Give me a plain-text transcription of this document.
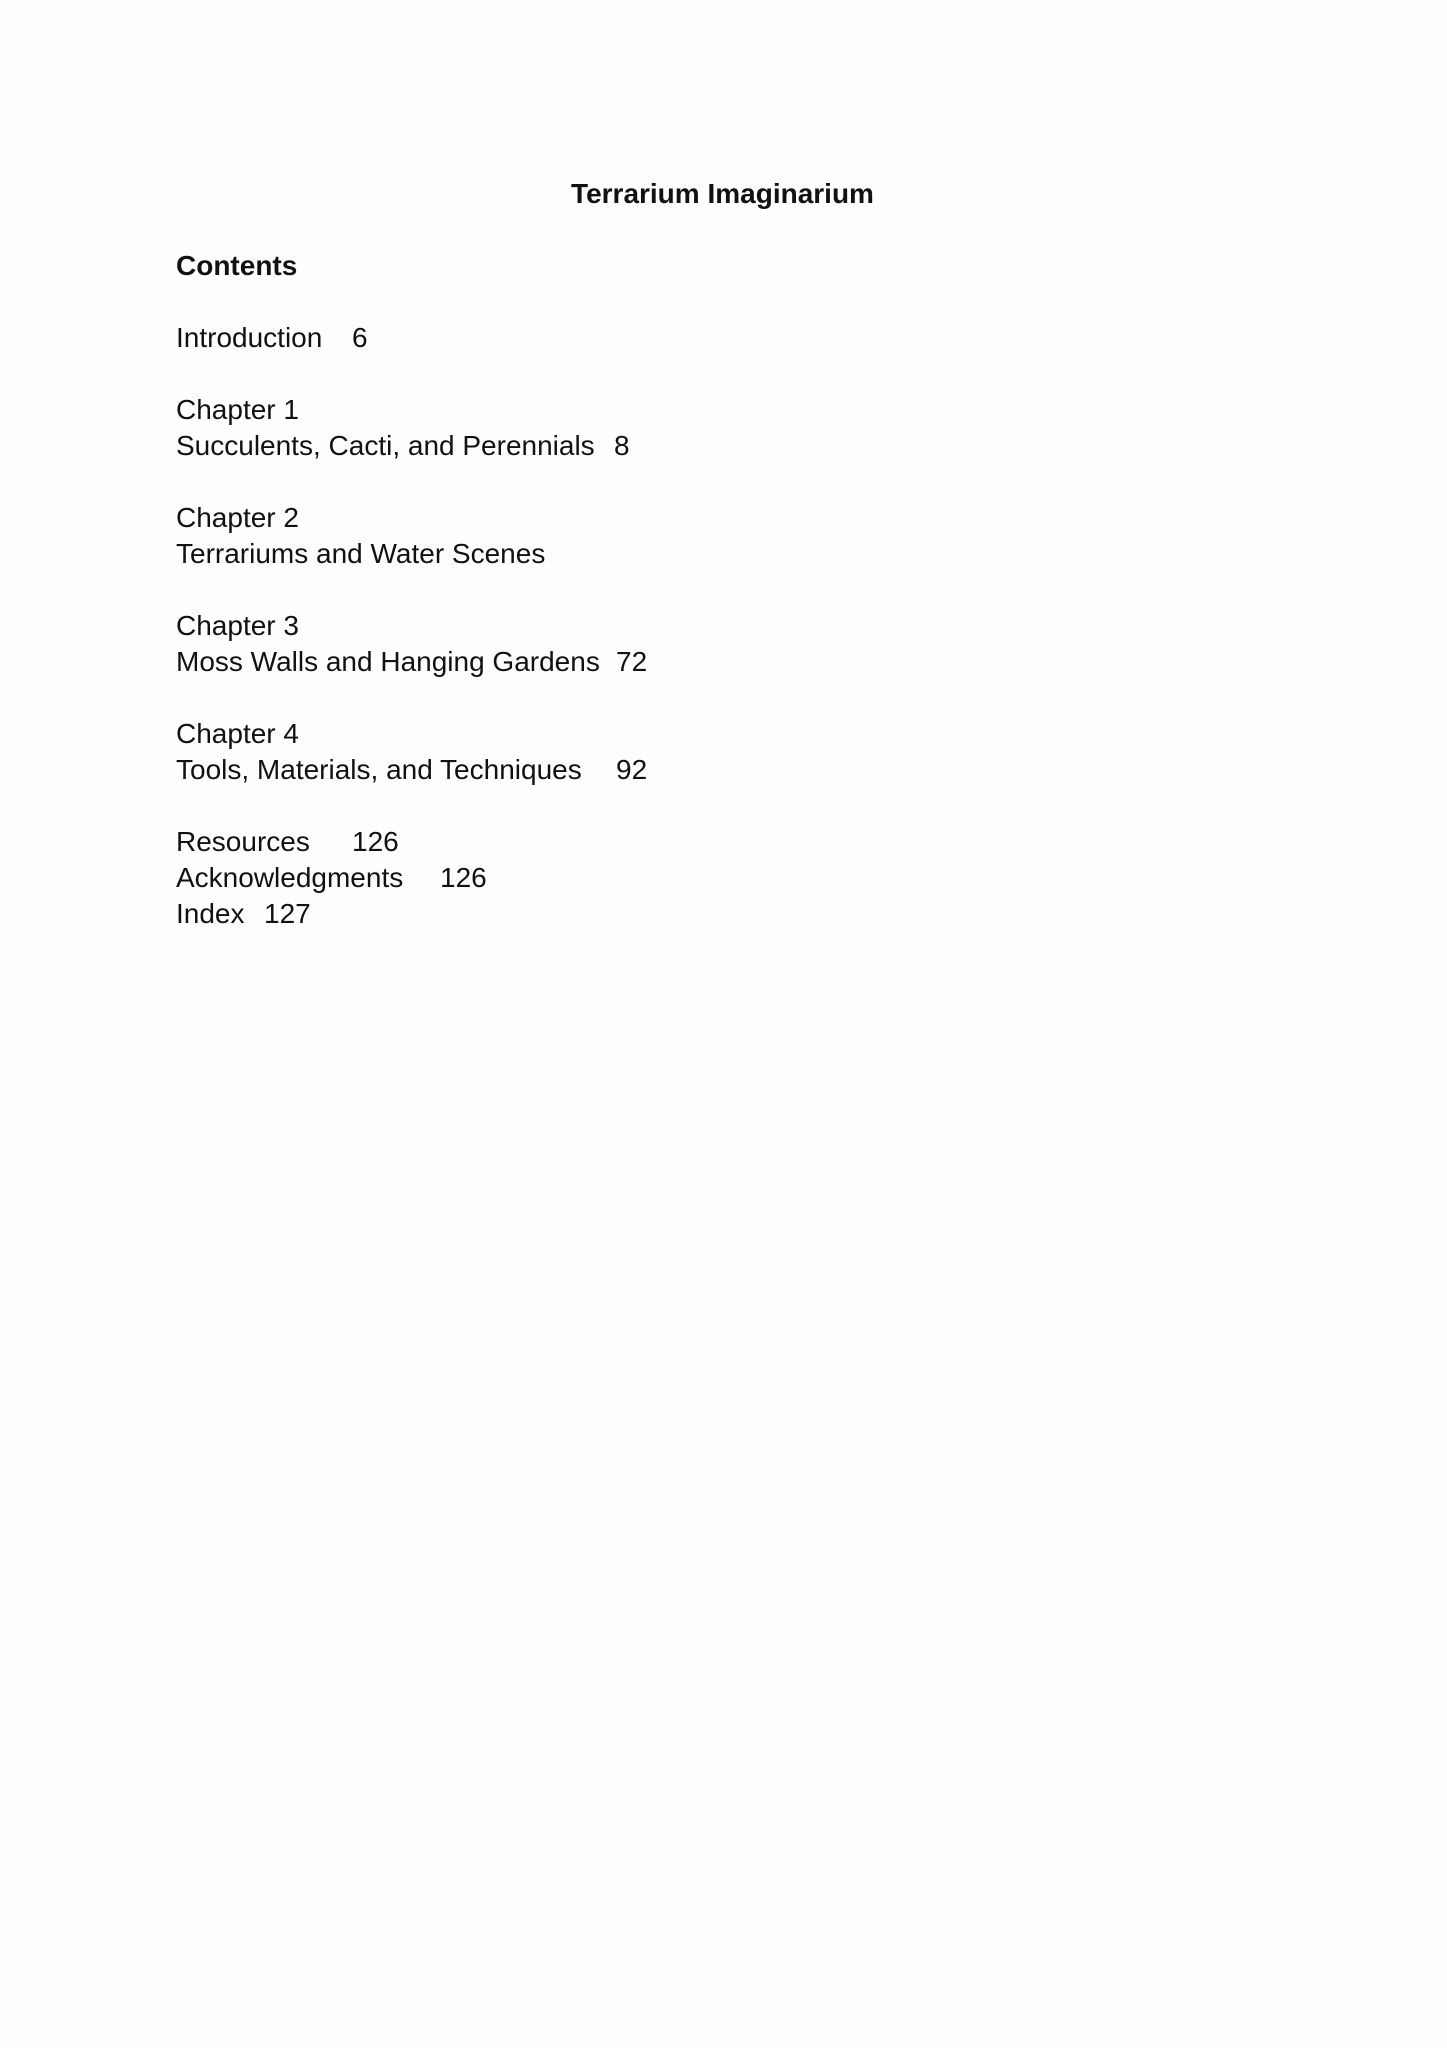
Terrarium Imaginarium
Contents
Introduction 6
Chapter 1
Succulents, Cacti, and Perennials 8
Chapter 2
Terrariums and Water Scenes
Chapter 3
Moss Walls and Hanging Gardens 72
Chapter 4
Tools, Materials, and Techniques 92
Resources 126
Acknowledgments 126
Index 127
